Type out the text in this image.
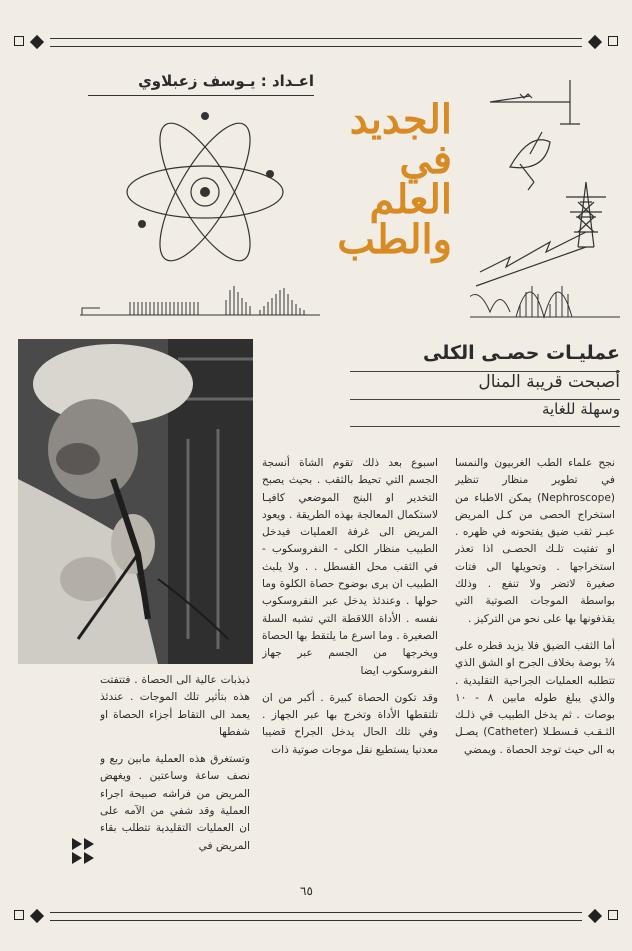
اعـداد : يـوسف زعبلاوي
الجديد
في
العلم
والطب
عمليـات حصـى الكلى
أصبحت قريبة المنال
وسهلة للغاية

نجح علماء الطب الغربيون والنمسا في تطوير منظار تنظير (Nephroscope) يمكن الاطباء من استخراج الحصى من كـل المريض عبـر ثقب ضيق يفتحونه في ظهره . او تفتيت تلـك الحصـى اذا تعذر استخراجها . وتحويلها الى فتات صغيرة لاتضر ولا تنفع . وذلك بواسطة الموجات الصوتية التي يقذفونها بها على نحو من التركيز .

أما الثقب الضيق فلا يزيد قطره على ¼ بوصة بخلاف الجرح او الشق الذي تتطلبه العمليات الجراحية التقليدية . والذي يبلغ طوله مابين ٨ - ١٠ بوصات . ثم يدخل الطبيب في ذلـك الثـقـب قـسطـلا (Catheter) يصـل به الى حيث توجد الحصاة . ويمضي

اسبوع بعد ذلك تقوم الشاة أنسجة الجسم التي تحيط بالثقب . بحيث يصبح التخدير او البنج الموضعي كافيـا لاستكمال المعالجة بهذه الطريقة . ويعود المريض الى غرفة العمليات فيدخل الطبيب منظار الكلى - النفروسكوب - في الثقب محل القسطل . . ولا يلبث الطبيب ان يرى بوضوح حصاة الكلوة وما حولها . وعندئذ يدخل عبر النفروسكوب نفسه . الأداة اللاقطة التي تشبه السلة الصغيرة . وما اسرع ما يلتقط بها الحصاة ويخرجها من الجسم عبر جهاز النفروسكوب ايضا

وقد تكون الحصاة كبيرة . أكبر من ان تلتقطها الأداة وتخرج بها عبر الجهاز . وفي تلك الحال يدخل الجراح قضيبا معدنيا يستطيع نقل موجات صوتية ذات

ذبذبات عالية الى الحصاة . فتتفتت هذه بتأثير تلك الموجات . عندئذ يعمد الى التقاط أجزاء الحصاة او شفطها

وتستغرق هذه العملية مابين ربع و نصف ساعة وساعتين . ويغهض المريض من فراشه صبيحة اجراء العملية وقد شفي من الآمه على ان العمليات التقليدية تتطلب بقاء المريض في

٦٥
